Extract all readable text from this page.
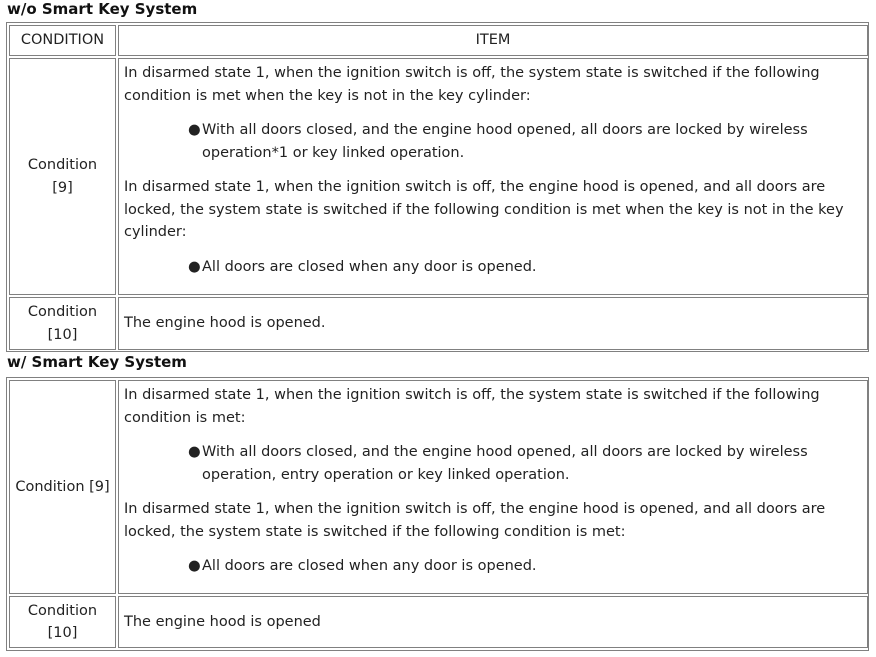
w/o Smart Key System
CONDITION	ITEM
Condition
[9]

In disarmed state 1, when the ignition switch is off, the system state is switched if the following condition is met when the key is not in the key cylinder:

● With all doors closed, and the engine hood opened, all doors are locked by wireless operation*1 or key linked operation.

In disarmed state 1, when the ignition switch is off, the engine hood is opened, and all doors are locked, the system state is switched if the following condition is met when the key is not in the key cylinder:

● All doors are closed when any door is opened.
Condition
[10]
The engine hood is opened.
w/ Smart Key System
Condition [9]

In disarmed state 1, when the ignition switch is off, the system state is switched if the following condition is met:

● With all doors closed, and the engine hood opened, all doors are locked by wireless operation, entry operation or key linked operation.

In disarmed state 1, when the ignition switch is off, the engine hood is opened, and all doors are locked, the system state is switched if the following condition is met:

● All doors are closed when any door is opened.
Condition
[10]
The engine hood is opened
